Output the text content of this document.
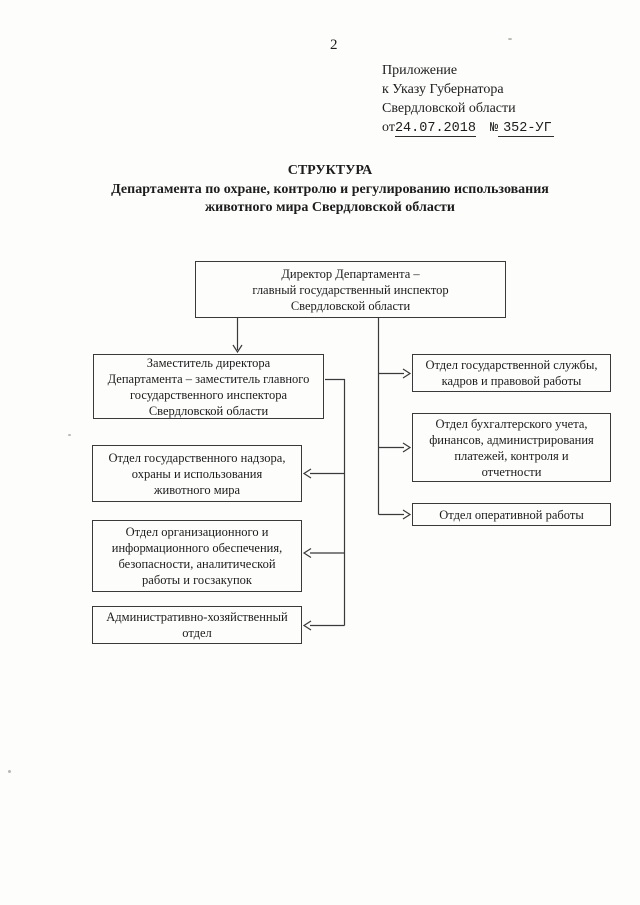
2
Приложение
к Указу Губернатора
Свердловской области
от24.07.2018 № 352-УГ
СТРУКТУРА
Департамента по охране, контролю и регулированию использования
животного мира Свердловской области
Директор Департамента –
главный государственный инспектор
Свердловской области
Заместитель директора
Департамента – заместитель главного
государственного инспектора
Свердловской области
Отдел государственной службы,
кадров и правовой работы
Отдел бухгалтерского учета,
финансов, администрирования
платежей, контроля и
отчетности
Отдел оперативной работы
Отдел государственного надзора,
охраны и использования
животного мира
Отдел организационного и
информационного обеспечения,
безопасности, аналитической
работы и госзакупок
Административно-хозяйственный
отдел
